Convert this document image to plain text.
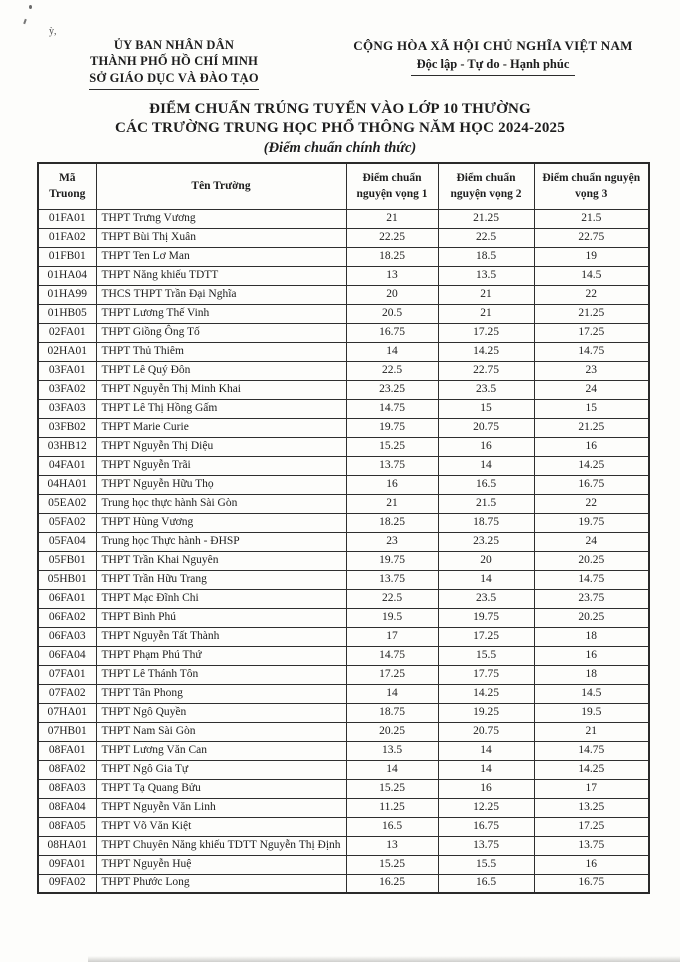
ỳ,
ỦY BAN NHÂN DÂN
THÀNH PHỐ HỒ CHÍ MINH
SỞ GIÁO DỤC VÀ ĐÀO TẠO
CỘNG HÒA XÃ HỘI CHỦ NGHĨA VIỆT NAM
Độc lập - Tự do - Hạnh phúc
ĐIỂM CHUẨN TRÚNG TUYỂN VÀO LỚP 10 THƯỜNG
CÁC TRƯỜNG TRUNG HỌC PHỔ THÔNG NĂM HỌC 2024-2025
(Điểm chuẩn chính thức)
Mã Truong	Tên Trường	Điểm chuẩn nguyện vọng 1	Điểm chuẩn nguyện vọng 2	Điểm chuẩn nguyện vọng 3
01FA01	THPT Trưng Vương	21	21.25	21.5
01FA02	THPT Bùi Thị Xuân	22.25	22.5	22.75
01FB01	THPT Ten Lơ Man	18.25	18.5	19
01HA04	THPT Năng khiếu TDTT	13	13.5	14.5
01HA99	THCS THPT Trần Đại Nghĩa	20	21	22
01HB05	THPT Lương Thế Vinh	20.5	21	21.25
02FA01	THPT Giồng Ông Tố	16.75	17.25	17.25
02HA01	THPT Thủ Thiêm	14	14.25	14.75
03FA01	THPT Lê Quý Đôn	22.5	22.75	23
03FA02	THPT Nguyễn Thị Minh Khai	23.25	23.5	24
03FA03	THPT Lê Thị Hồng Gấm	14.75	15	15
03FB02	THPT Marie Curie	19.75	20.75	21.25
03HB12	THPT Nguyễn Thị Diệu	15.25	16	16
04FA01	THPT Nguyễn Trãi	13.75	14	14.25
04HA01	THPT Nguyễn Hữu Thọ	16	16.5	16.75
05EA02	Trung học thực hành Sài Gòn	21	21.5	22
05FA02	THPT Hùng Vương	18.25	18.75	19.75
05FA04	Trung học Thực hành - ĐHSP	23	23.25	24
05FB01	THPT Trần Khai Nguyên	19.75	20	20.25
05HB01	THPT Trần Hữu Trang	13.75	14	14.75
06FA01	THPT Mạc Đĩnh Chi	22.5	23.5	23.75
06FA02	THPT Bình Phú	19.5	19.75	20.25
06FA03	THPT Nguyễn Tất Thành	17	17.25	18
06FA04	THPT Phạm Phú Thứ	14.75	15.5	16
07FA01	THPT Lê Thánh Tôn	17.25	17.75	18
07FA02	THPT Tân Phong	14	14.25	14.5
07HA01	THPT Ngô Quyền	18.75	19.25	19.5
07HB01	THPT Nam Sài Gòn	20.25	20.75	21
08FA01	THPT Lương Văn Can	13.5	14	14.75
08FA02	THPT Ngô Gia Tự	14	14	14.25
08FA03	THPT Tạ Quang Bửu	15.25	16	17
08FA04	THPT Nguyễn Văn Linh	11.25	12.25	13.25
08FA05	THPT Võ Văn Kiệt	16.5	16.75	17.25
08HA01	THPT Chuyên Năng khiếu TDTT Nguyễn Thị Định	13	13.75	13.75
09FA01	THPT Nguyễn Huệ	15.25	15.5	16
09FA02	THPT Phước Long	16.25	16.5	16.75
